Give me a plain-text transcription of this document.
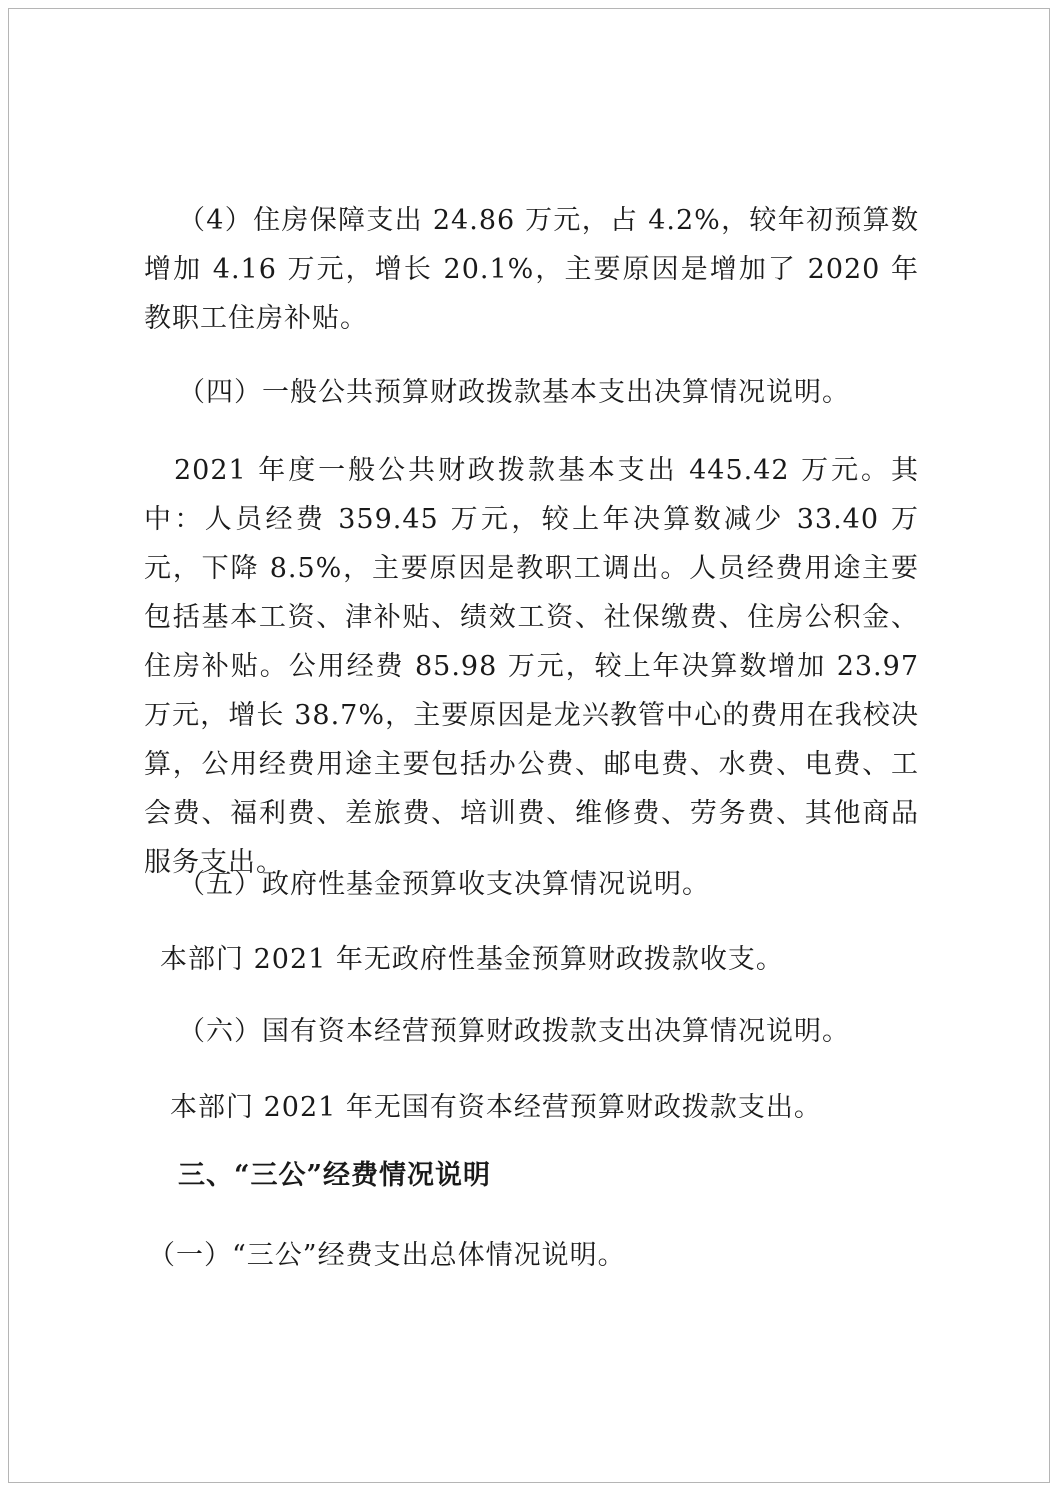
（4）住房保障支出 24.86 万元，占 4.2%，较年初预算数增加 4.16 万元，增长 20.1%，主要原因是增加了 2020 年教职工住房补贴。
（四）一般公共预算财政拨款基本支出决算情况说明。
2021 年度一般公共财政拨款基本支出 445.42 万元。其中：人员经费 359.45 万元，较上年决算数减少 33.40 万元，下降 8.5%，主要原因是教职工调出。人员经费用途主要包括基本工资、津补贴、绩效工资、社保缴费、住房公积金、住房补贴。公用经费 85.98 万元，较上年决算数增加 23.97 万元，增长 38.7%，主要原因是龙兴教管中心的费用在我校决算，公用经费用途主要包括办公费、邮电费、水费、电费、工会费、福利费、差旅费、培训费、维修费、劳务费、其他商品服务支出。
（五）政府性基金预算收支决算情况说明。
本部门 2021 年无政府性基金预算财政拨款收支。
（六）国有资本经营预算财政拨款支出决算情况说明。
本部门 2021 年无国有资本经营预算财政拨款支出。
三、“三公”经费情况说明
（一）“三公”经费支出总体情况说明。
